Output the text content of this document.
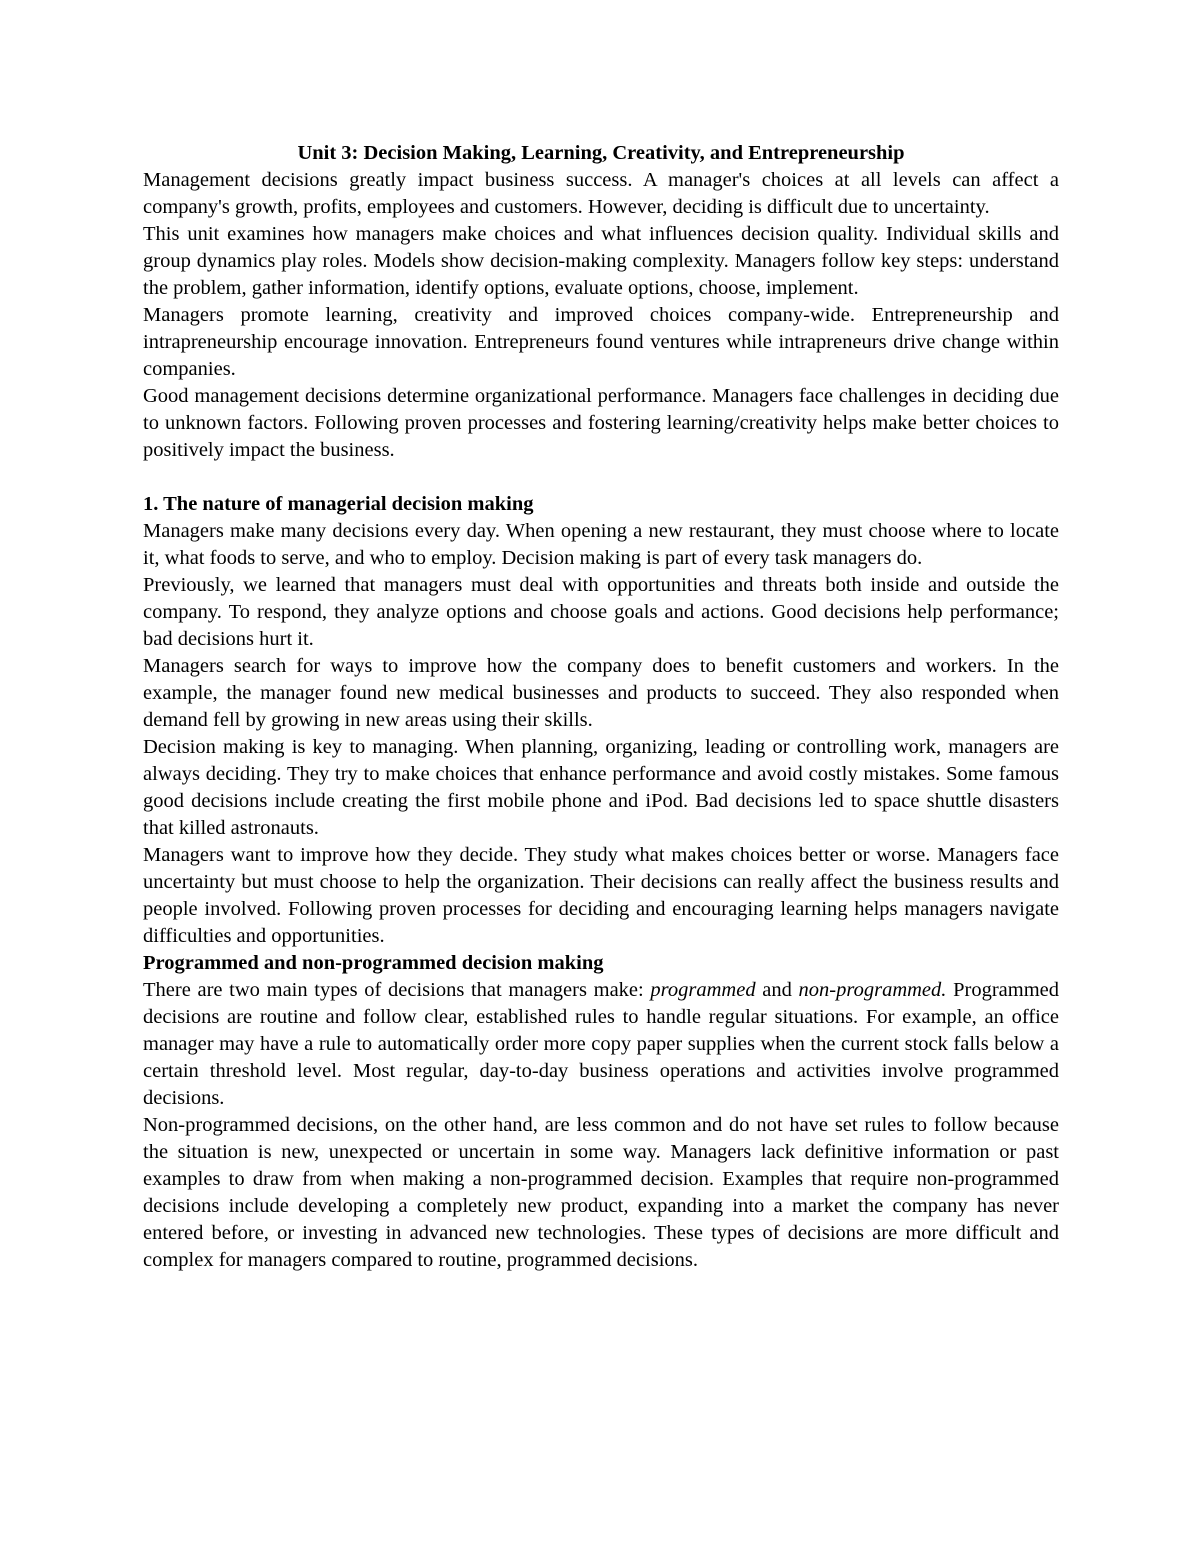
Unit 3: Decision Making, Learning, Creativity, and Entrepreneurship

Management decisions greatly impact business success. A manager's choices at all levels can affect a company's growth, profits, employees and customers. However, deciding is difficult due to uncertainty.

This unit examines how managers make choices and what influences decision quality. Individual skills and group dynamics play roles. Models show decision-making complexity. Managers follow key steps: understand the problem, gather information, identify options, evaluate options, choose, implement.

Managers promote learning, creativity and improved choices company-wide. Entrepreneurship and intrapreneurship encourage innovation. Entrepreneurs found ventures while intrapreneurs drive change within companies.

Good management decisions determine organizational performance. Managers face challenges in deciding due to unknown factors. Following proven processes and fostering learning/creativity helps make better choices to positively impact the business.

1. The nature of managerial decision making

Managers make many decisions every day. When opening a new restaurant, they must choose where to locate it, what foods to serve, and who to employ. Decision making is part of every task managers do.

Previously, we learned that managers must deal with opportunities and threats both inside and outside the company. To respond, they analyze options and choose goals and actions. Good decisions help performance; bad decisions hurt it.

Managers search for ways to improve how the company does to benefit customers and workers. In the example, the manager found new medical businesses and products to succeed. They also responded when demand fell by growing in new areas using their skills.

Decision making is key to managing. When planning, organizing, leading or controlling work, managers are always deciding. They try to make choices that enhance performance and avoid costly mistakes. Some famous good decisions include creating the first mobile phone and iPod. Bad decisions led to space shuttle disasters that killed astronauts.

Managers want to improve how they decide. They study what makes choices better or worse. Managers face uncertainty but must choose to help the organization. Their decisions can really affect the business results and people involved. Following proven processes for deciding and encouraging learning helps managers navigate difficulties and opportunities.

Programmed and non-programmed decision making

There are two main types of decisions that managers make: programmed and non-programmed. Programmed decisions are routine and follow clear, established rules to handle regular situations. For example, an office manager may have a rule to automatically order more copy paper supplies when the current stock falls below a certain threshold level. Most regular, day-to-day business operations and activities involve programmed decisions.

Non-programmed decisions, on the other hand, are less common and do not have set rules to follow because the situation is new, unexpected or uncertain in some way. Managers lack definitive information or past examples to draw from when making a non-programmed decision. Examples that require non-programmed decisions include developing a completely new product, expanding into a market the company has never entered before, or investing in advanced new technologies. These types of decisions are more difficult and complex for managers compared to routine, programmed decisions.
